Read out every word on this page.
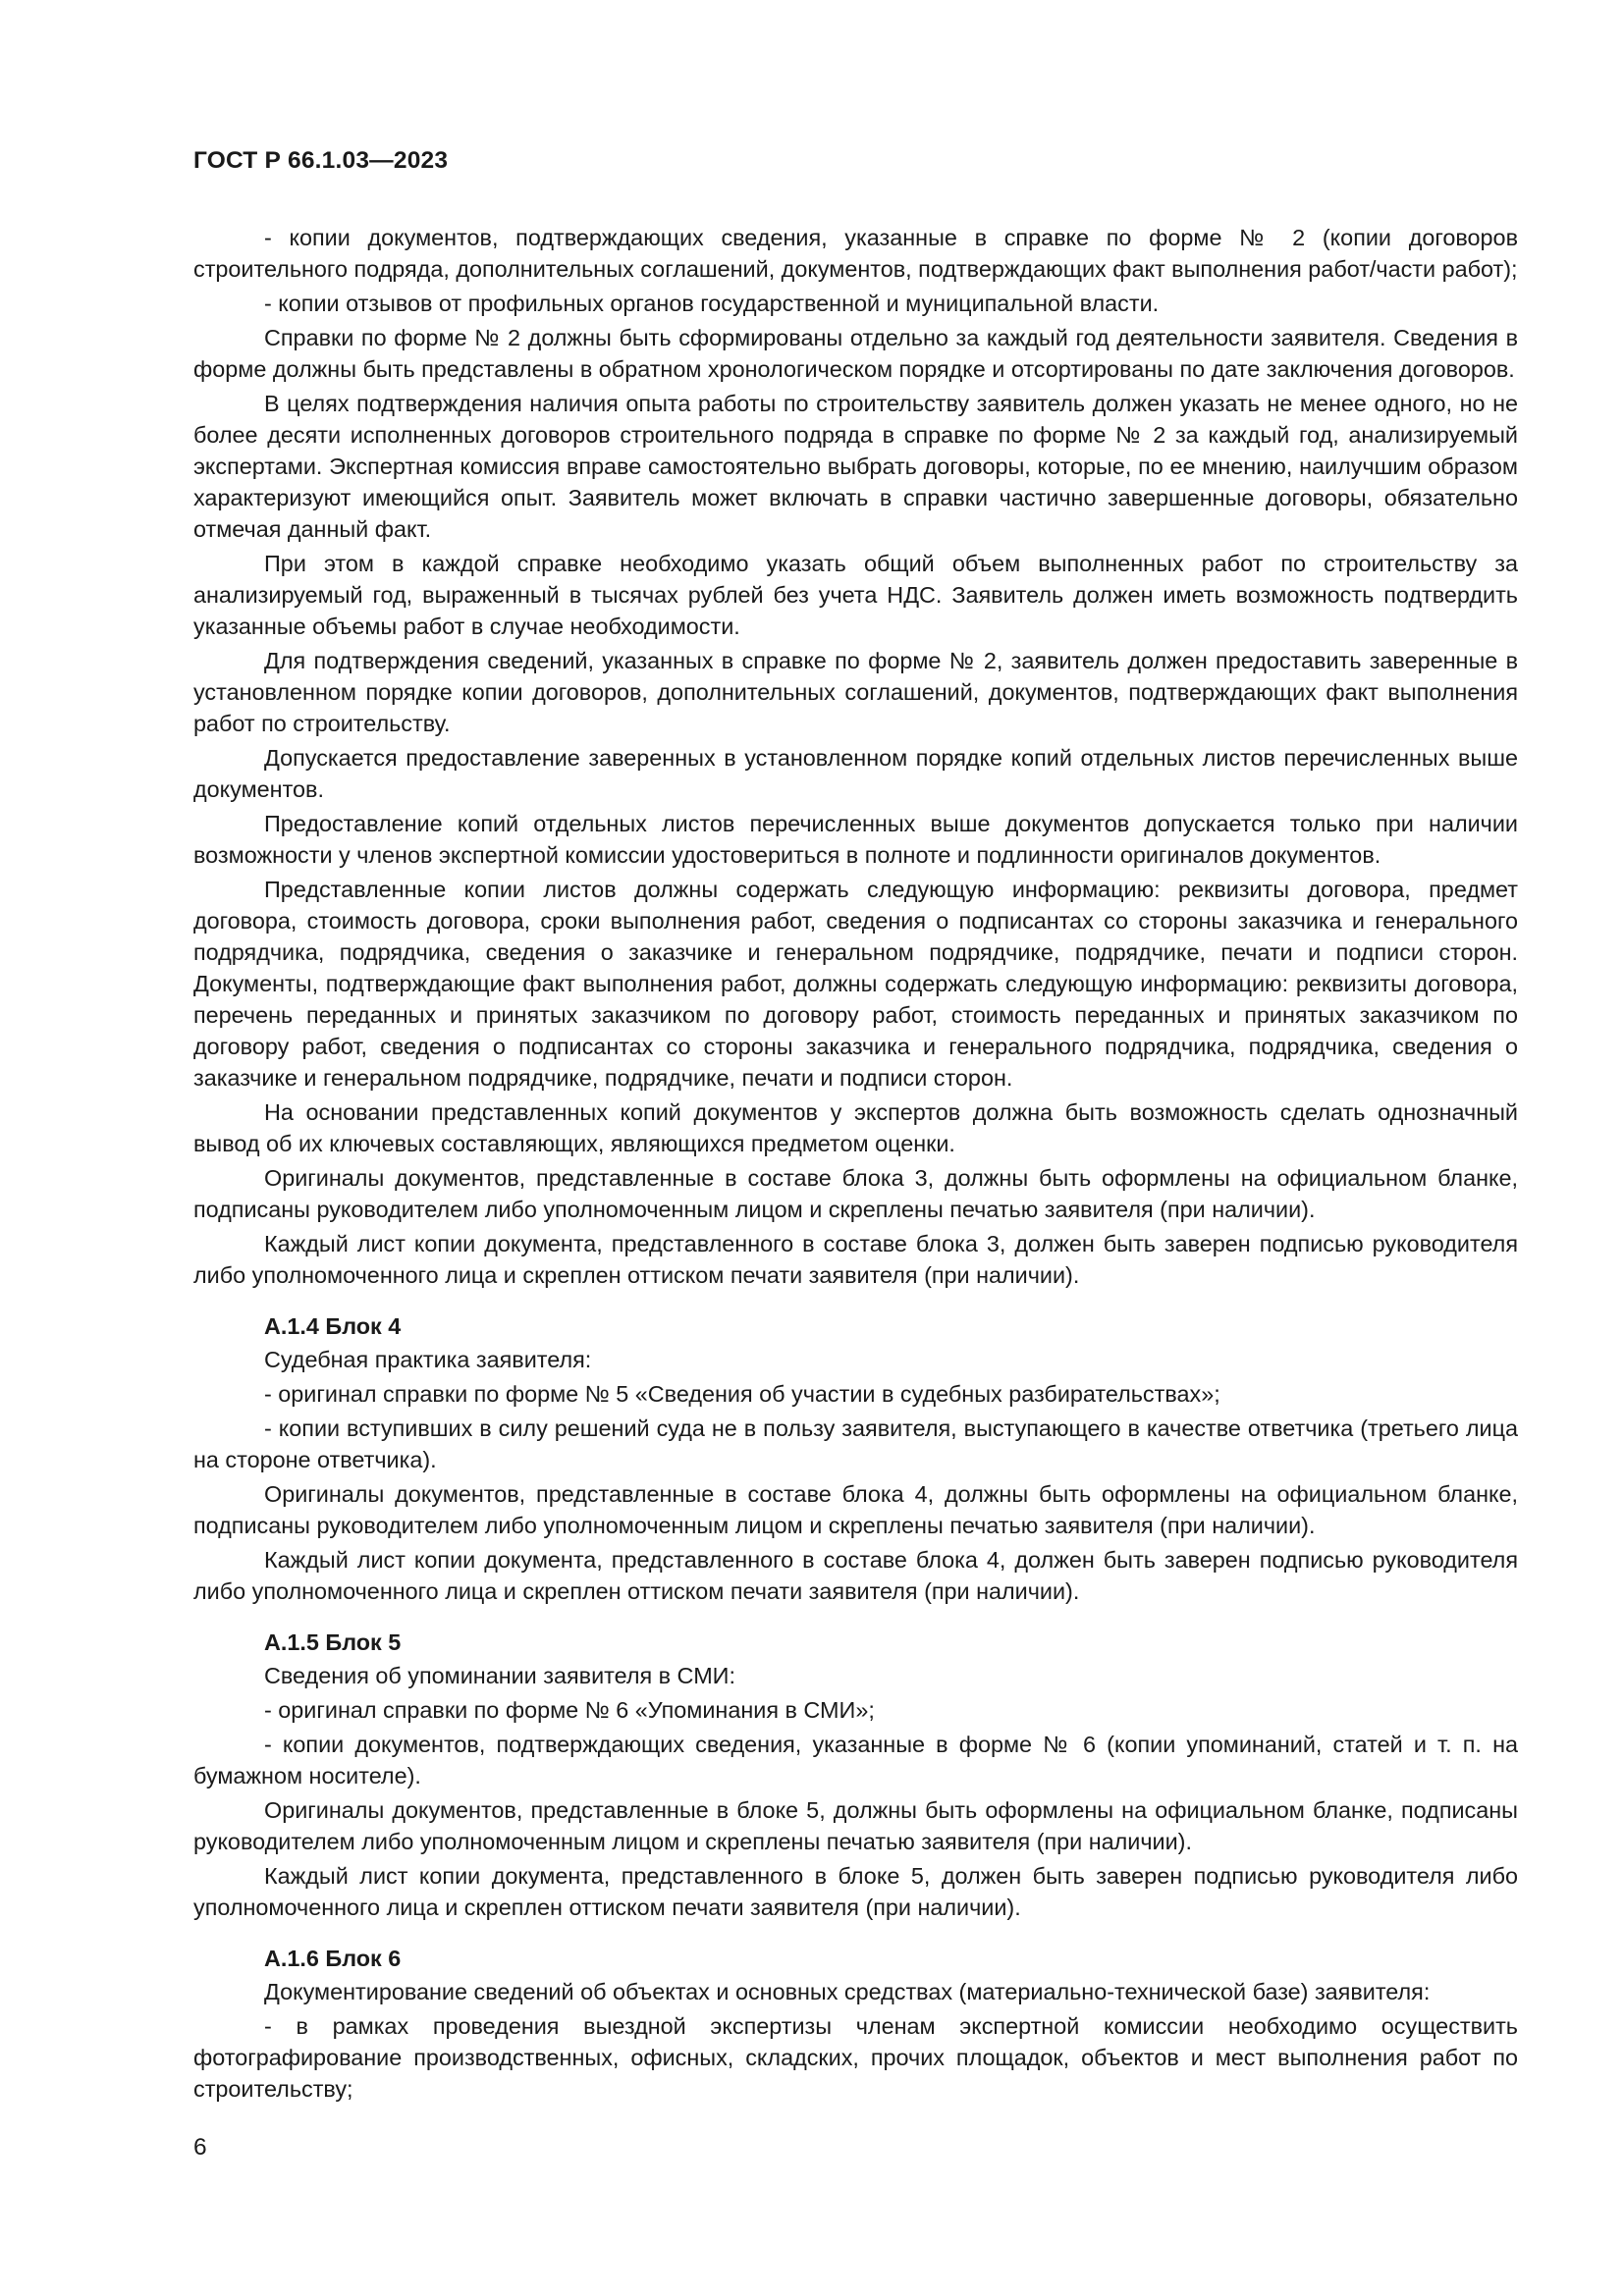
ГОСТ Р 66.1.03—2023

- копии документов, подтверждающих сведения, указанные в справке по форме № 2 (копии договоров строительного подряда, дополнительных соглашений, документов, подтверждающих факт выполнения работ/части работ);

- копии отзывов от профильных органов государственной и муниципальной власти.

Справки по форме № 2 должны быть сформированы отдельно за каждый год деятельности заявителя. Сведения в форме должны быть представлены в обратном хронологическом порядке и отсортированы по дате заключения договоров.

В целях подтверждения наличия опыта работы по строительству заявитель должен указать не менее одного, но не более десяти исполненных договоров строительного подряда в справке по форме № 2 за каждый год, анализируемый экспертами. Экспертная комиссия вправе самостоятельно выбрать договоры, которые, по ее мнению, наилучшим образом характеризуют имеющийся опыт. Заявитель может включать в справки частично завершенные договоры, обязательно отмечая данный факт.

При этом в каждой справке необходимо указать общий объем выполненных работ по строительству за анализируемый год, выраженный в тысячах рублей без учета НДС. Заявитель должен иметь возможность подтвердить указанные объемы работ в случае необходимости.

Для подтверждения сведений, указанных в справке по форме № 2, заявитель должен предоставить заверенные в установленном порядке копии договоров, дополнительных соглашений, документов, подтверждающих факт выполнения работ по строительству.

Допускается предоставление заверенных в установленном порядке копий отдельных листов перечисленных выше документов.

Предоставление копий отдельных листов перечисленных выше документов допускается только при наличии возможности у членов экспертной комиссии удостовериться в полноте и подлинности оригиналов документов.

Представленные копии листов должны содержать следующую информацию: реквизиты договора, предмет договора, стоимость договора, сроки выполнения работ, сведения о подписантах со стороны заказчика и генерального подрядчика, подрядчика, сведения о заказчике и генеральном подрядчике, подрядчике, печати и подписи сторон. Документы, подтверждающие факт выполнения работ, должны содержать следующую информацию: реквизиты договора, перечень переданных и принятых заказчиком по договору работ, стоимость переданных и принятых заказчиком по договору работ, сведения о подписантах со стороны заказчика и генерального подрядчика, подрядчика, сведения о заказчике и генеральном подрядчике, подрядчике, печати и подписи сторон.

На основании представленных копий документов у экспертов должна быть возможность сделать однозначный вывод об их ключевых составляющих, являющихся предметом оценки.

Оригиналы документов, представленные в составе блока 3, должны быть оформлены на официальном бланке, подписаны руководителем либо уполномоченным лицом и скреплены печатью заявителя (при наличии).

Каждый лист копии документа, представленного в составе блока 3, должен быть заверен подписью руководителя либо уполномоченного лица и скреплен оттиском печати заявителя (при наличии).

А.1.4 Блок 4

Судебная практика заявителя:

- оригинал справки по форме № 5 «Сведения об участии в судебных разбирательствах»;

- копии вступивших в силу решений суда не в пользу заявителя, выступающего в качестве ответчика (третьего лица на стороне ответчика).

Оригиналы документов, представленные в составе блока 4, должны быть оформлены на официальном бланке, подписаны руководителем либо уполномоченным лицом и скреплены печатью заявителя (при наличии).

Каждый лист копии документа, представленного в составе блока 4, должен быть заверен подписью руководителя либо уполномоченного лица и скреплен оттиском печати заявителя (при наличии).

А.1.5 Блок 5

Сведения об упоминании заявителя в СМИ:

- оригинал справки по форме № 6 «Упоминания в СМИ»;

- копии документов, подтверждающих сведения, указанные в форме № 6 (копии упоминаний, статей и т. п. на бумажном носителе).

Оригиналы документов, представленные в блоке 5, должны быть оформлены на официальном бланке, подписаны руководителем либо уполномоченным лицом и скреплены печатью заявителя (при наличии).

Каждый лист копии документа, представленного в блоке 5, должен быть заверен подписью руководителя либо уполномоченного лица и скреплен оттиском печати заявителя (при наличии).

А.1.6 Блок 6

Документирование сведений об объектах и основных средствах (материально-технической базе) заявителя:

- в рамках проведения выездной экспертизы членам экспертной комиссии необходимо осуществить фотографирование производственных, офисных, складских, прочих площадок, объектов и мест выполнения работ по строительству;

6
